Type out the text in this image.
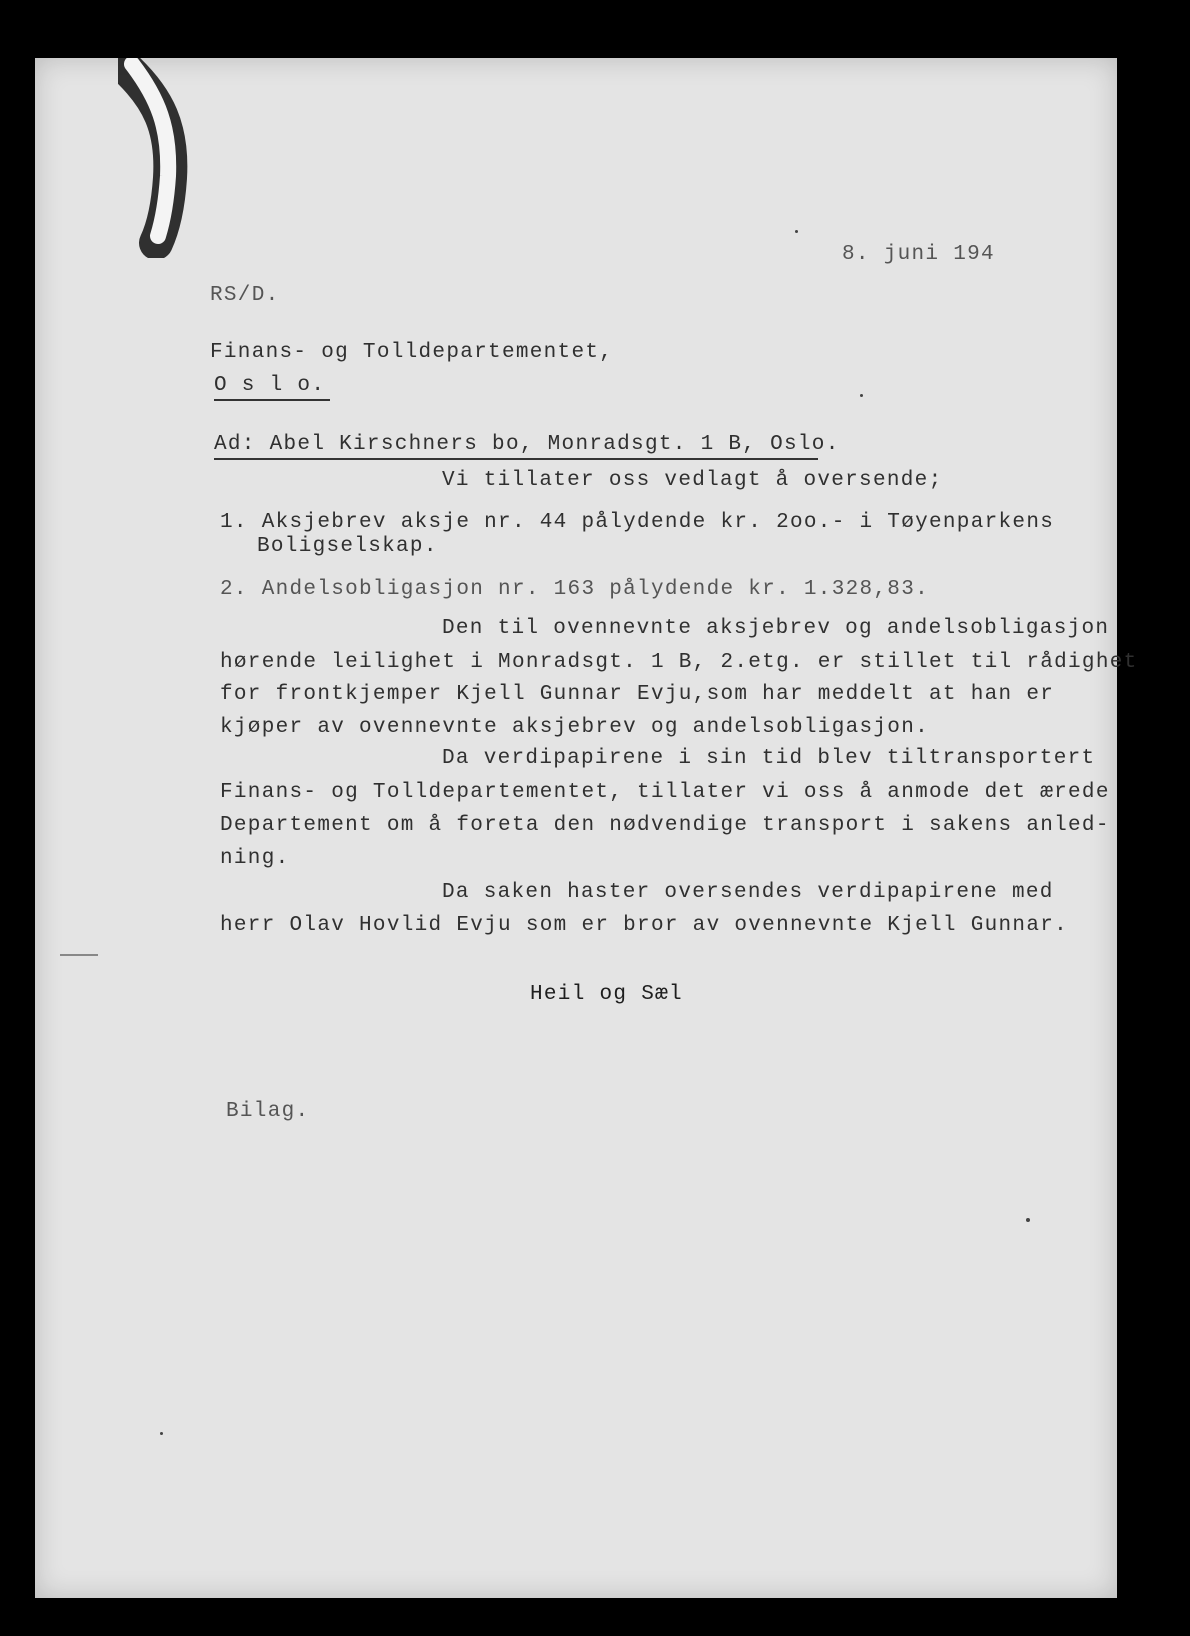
8. juni 194

RS/D.

Finans- og Tolldepartementet,

O s l o.

Ad: Abel Kirschners bo, Monradsgt. 1 B, Oslo.

Vi tillater oss vedlagt å oversende;

1. Aksjebrev aksje nr. 44 pålydende kr. 2oo.- i Tøyenparkens

Boligselskap.

2. Andelsobligasjon nr. 163 pålydende kr. 1.328,83.

Den til ovennevnte aksjebrev og andelsobligasjon

hørende leilighet i Monradsgt. 1 B, 2.etg. er stillet til rådighet

for frontkjemper Kjell Gunnar Evju,som har meddelt at han er

kjøper av ovennevnte aksjebrev og andelsobligasjon.

Da verdipapirene i sin tid blev tiltransportert

Finans- og Tolldepartementet, tillater vi oss å anmode det ærede

Departement om å foreta den nødvendige transport i sakens anled-

ning.

Da saken haster oversendes verdipapirene med

herr Olav Hovlid Evju som er bror av ovennevnte Kjell Gunnar.

Heil og Sæl

Bilag.
